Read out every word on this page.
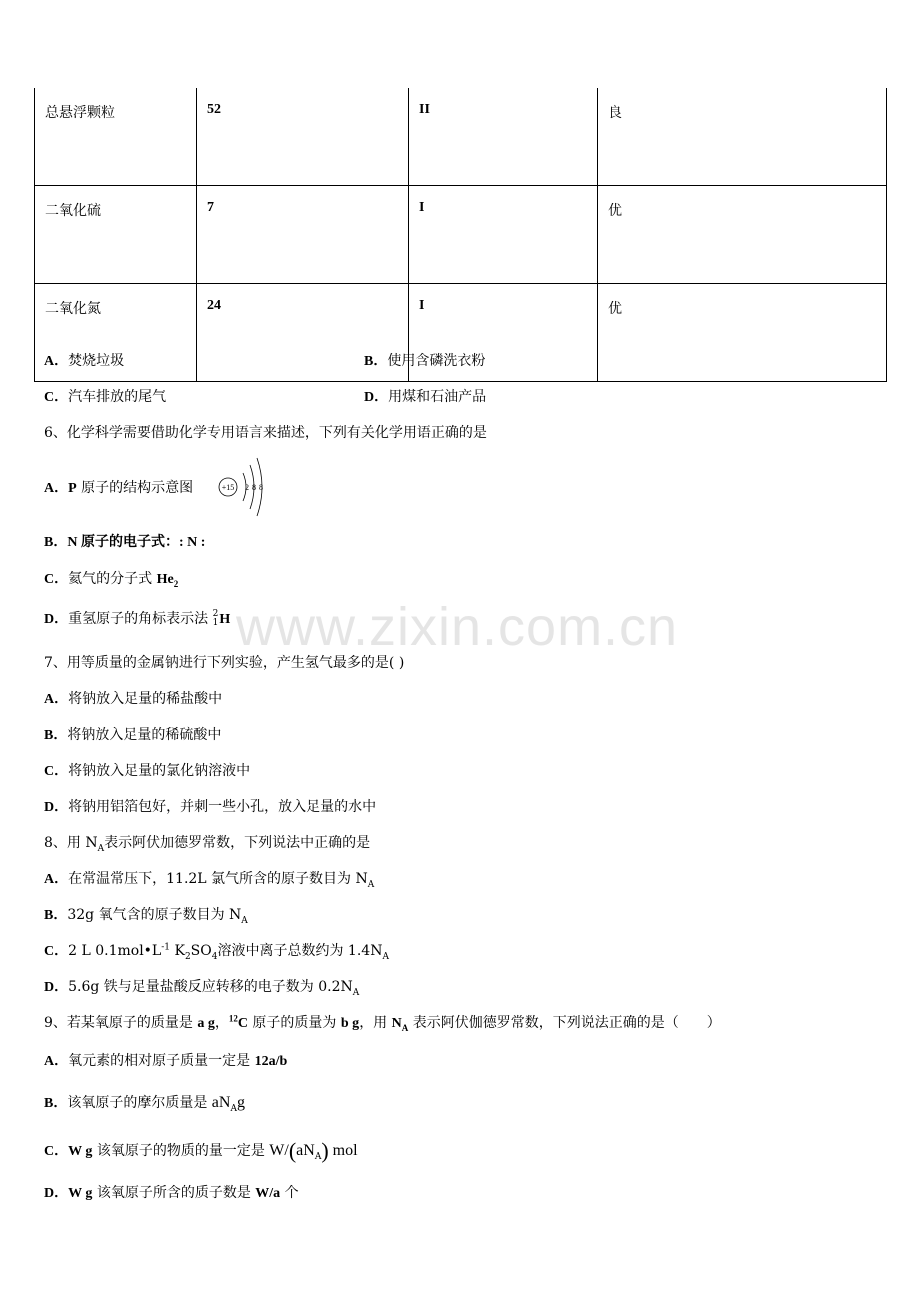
总悬浮颗粒	52	II	良
二氧化硫	7	I	优
二氧化氮	24	I	优
A．焚烧垃圾	B．使用含磷洗衣粉
C．汽车排放的尾气	D．用煤和石油产品
6、化学科学需要借助化学专用语言来描述，下列有关化学用语正确的是
A．P 原子的结构示意图	+15 2 8 8
B．N 原子的电子式：: N :
C．氦气的分子式 $He_2$
D．重氢原子的角标表示法 2
1H www.zixin.com.cn
7、用等质量的金属钠进行下列实验，产生氢气最多的是( )
A．将钠放入足量的稀盐酸中
B．将钠放入足量的稀硫酸中
C．将钠放入足量的氯化钠溶液中
D．将钠用铝箔包好，并刺一些小孔，放入足量的水中
8、用 $N_A$表示阿伏加德罗常数，下列说法中正确的是
A．在常温常压下，11.2L 氯气所含的原子数目为 $N_A$
B．32g 氧气含的原子数目为 $N_A$
C．2 L $0.1mol•L^{-1}$ $K_2SO_4$溶液中离子总数约为 $1.4N_A$
D．5.6g 铁与足量盐酸反应转移的电子数为 $0.2N_A$
9、若某氧原子的质量是 a g，$^{12}$C 原子的质量为 b g，用 $N_A$ 表示阿伏伽德罗常数，下列说法正确的是（　　）
A．氧元素的相对原子质量一定是 12a/b
B．该氧原子的摩尔质量是 $aN_Ag$
C．W g 该氧原子的物质的量一定是 $W/(aN_A)$ mol
D．W g 该氧原子所含的质子数是 W/a 个
